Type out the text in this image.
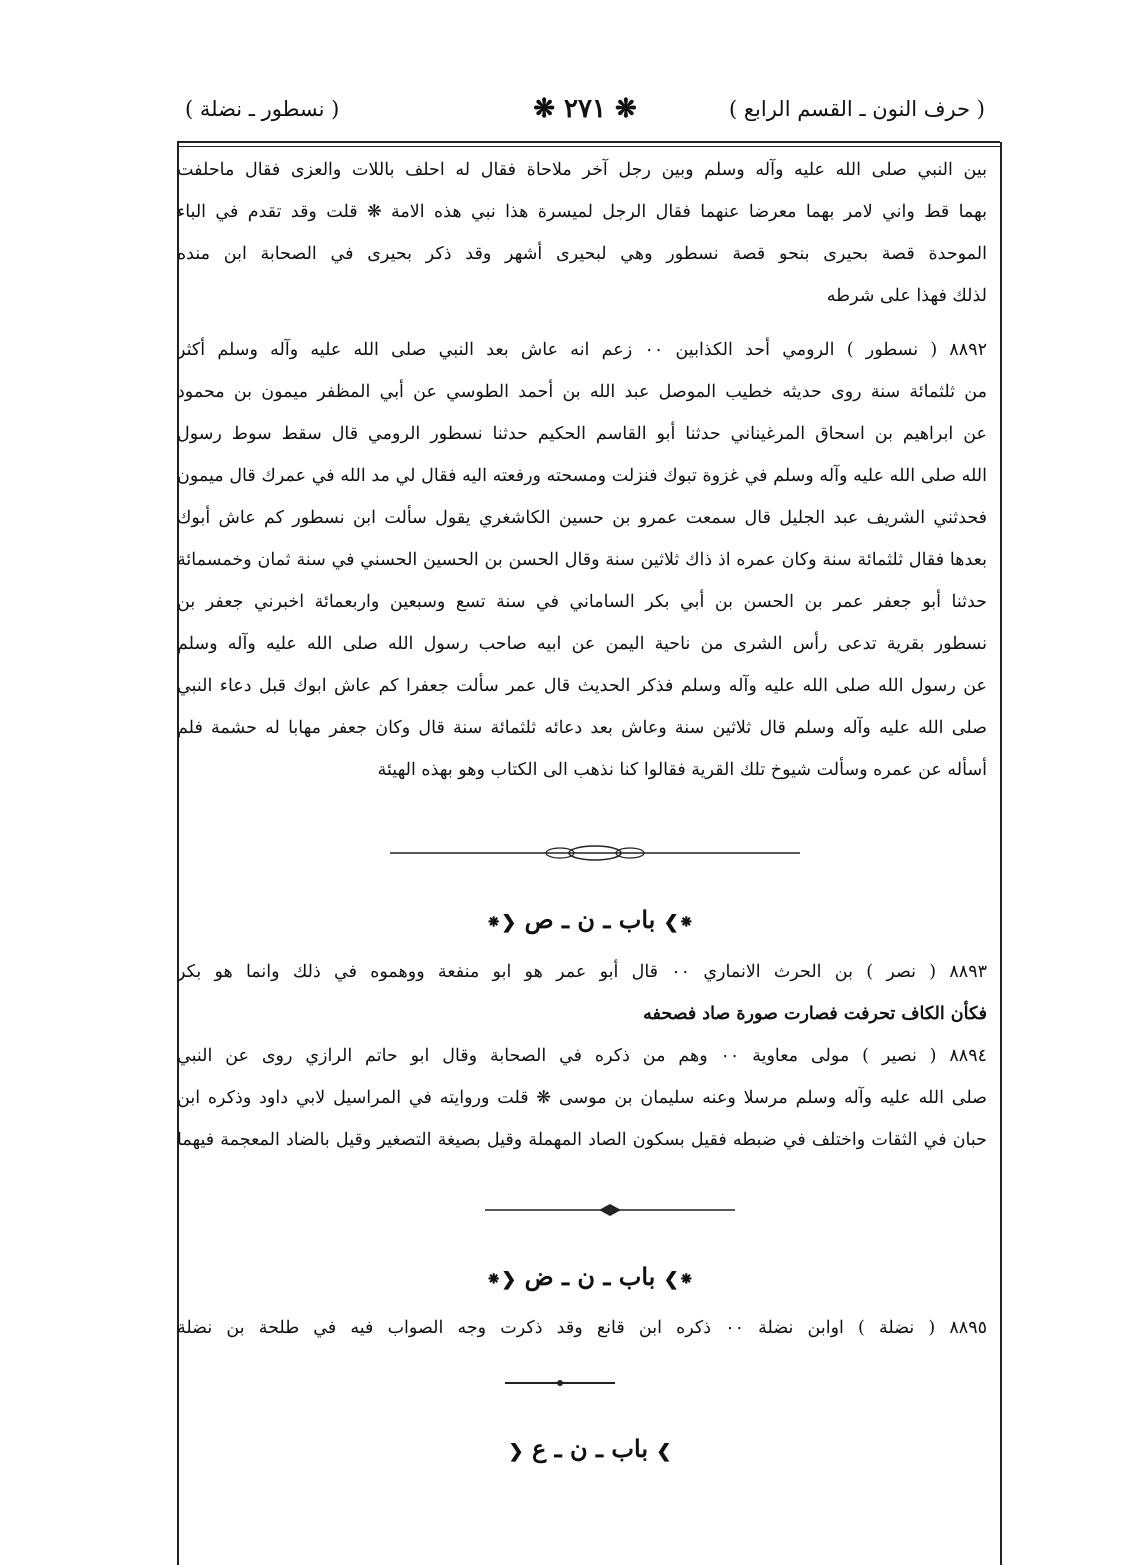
( حرف النون ـ القسم الرابع )
❋ ٢٧١ ❋
( نسطور ـ نضلة )
بين النبي صلى الله عليه وآله وسلم وبين رجل آخر ملاحاة فقال له احلف باللات والعزى فقال ماحلفت
بهما قط واني لامر بهما معرضا عنهما فقال الرجل لميسرة هذا نبي هذه الامة ❋ قلت وقد تقدم في الباء
الموحدة قصة بحيرى بنحو قصة نسطور وهي لبحيرى أشهر وقد ذكر بحيرى في الصحابة ابن منده
لذلك فهذا على شرطه
٨٨٩٢ ( نسطور ) الرومي أحد الكذابين ٠٠ زعم انه عاش بعد النبي صلى الله عليه وآله وسلم أكثر
من ثلثمائة سنة روى حديثه خطيب الموصل عبد الله بن أحمد الطوسي عن أبي المظفر ميمون بن محمود
عن ابراهيم بن اسحاق المرغيناني حدثنا أبو القاسم الحكيم حدثنا نسطور الرومي قال سقط سوط رسول
الله صلى الله عليه وآله وسلم في غزوة تبوك فنزلت ومسحته ورفعته اليه فقال لي مد الله في عمرك قال ميمون
فحدثني الشريف عبد الجليل قال سمعت عمرو بن حسين الكاشغري يقول سألت ابن نسطور كم عاش أبوك
بعدها فقال ثلثمائة سنة وكان عمره اذ ذاك ثلاثين سنة وقال الحسن بن الحسين الحسني في سنة ثمان وخمسمائة
حدثنا أبو جعفر عمر بن الحسن بن أبي بكر الساماني في سنة تسع وسبعين واربعمائة اخبرني جعفر بن
نسطور بقرية تدعى رأس الشرى من ناحية اليمن عن ابيه صاحب رسول الله صلى الله عليه وآله وسلم
عن رسول الله صلى الله عليه وآله وسلم فذكر الحديث قال عمر سألت جعفرا كم عاش ابوك قبل دعاء النبي
صلى الله عليه وآله وسلم قال ثلاثين سنة وعاش بعد دعائه ثلثمائة سنة قال وكان جعفر مهابا له حشمة فلم
أسأله عن عمره وسألت شيوخ تلك القرية فقالوا كنا نذهب الى الكتاب وهو بهذه الهيئة
⁕❯ باب ـ ن ـ ص ❮⁕
٨٨٩٣ ( نصر ) بن الحرث الانماري ٠٠ قال أبو عمر هو ابو منفعة ووهموه في ذلك وانما هو بكر
فكأن الكاف تحرفت فصارت صورة صاد فصحفه
٨٨٩٤ ( نصير ) مولى معاوية ٠٠ وهم من ذكره في الصحابة وقال ابو حاتم الرازي روى عن النبي
صلى الله عليه وآله وسلم مرسلا وعنه سليمان بن موسى ❋ قلت وروايته في المراسيل لابي داود وذكره ابن
حبان في الثقات واختلف في ضبطه فقيل بسكون الصاد المهملة وقيل بصيغة التصغير وقيل بالضاد المعجمة فيهما
⁕❯ باب ـ ن ـ ض ❮⁕
٨٨٩٥ ( نضلة ) اوابن نضلة ٠٠ ذكره ابن قانع وقد ذكرت وجه الصواب فيه في طلحة بن نضلة
❯ باب ـ ن ـ ع ❮
